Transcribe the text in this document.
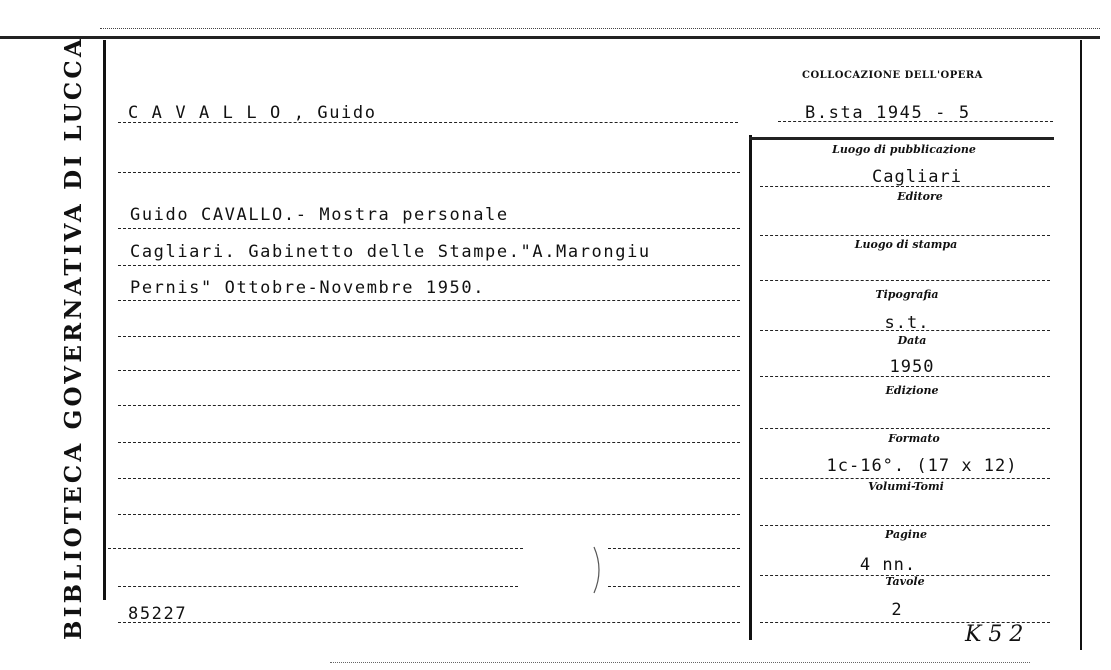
BIBLIOTECA GOVERNATIVA DI LUCCA	COLLOCAZIONE DELL'OPERA
B.sta 1945 - 5
C A V A L L O , Guido
Guido CAVALLO.- Mostra personale
Cagliari. Gabinetto delle Stampe."A.Marongiu
Pernis" Ottobre-Novembre 1950.
85227
Luogo di pubblicazione
Cagliari
Editore
Luogo di stampa
Tipografia
s.t.
Data
1950
Edizione
Formato
1c-16°. (17 x 12)
Volumi-Tomi
Pagine
4 nn.
Tavole
2
K 5 2
